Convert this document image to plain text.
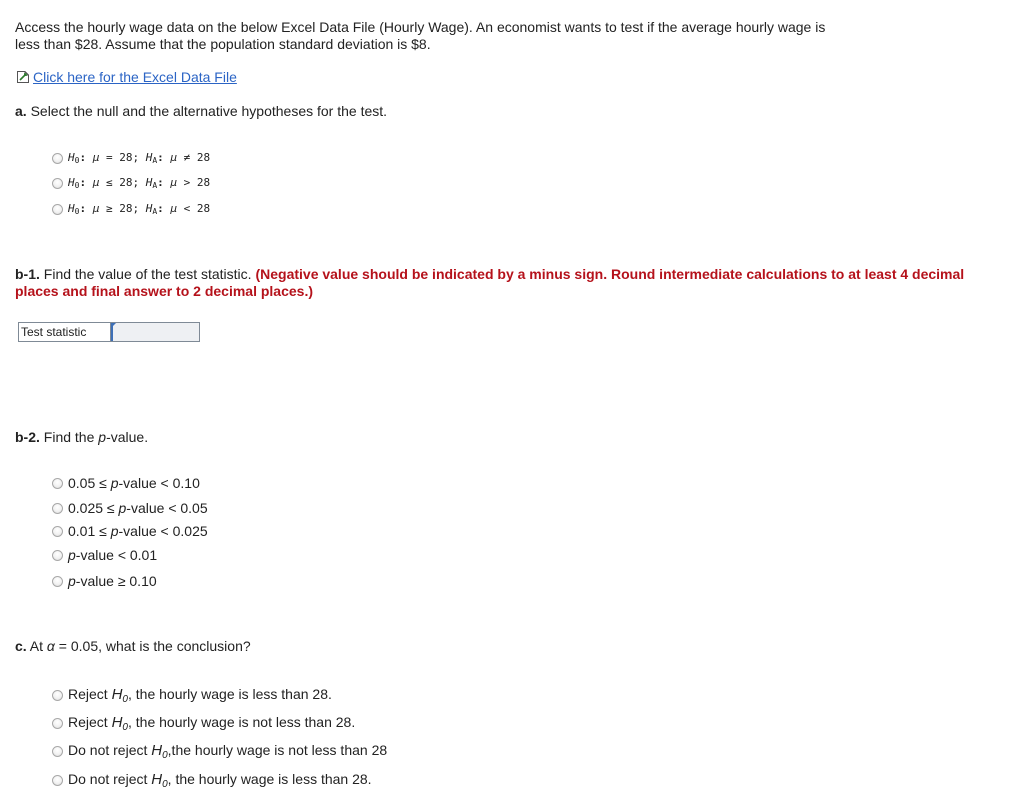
Access the hourly wage data on the below Excel Data File (Hourly Wage). An economist wants to test if the average hourly wage is
less than $28. Assume that the population standard deviation is $8.
Click here for the Excel Data File
a. Select the null and the alternative hypotheses for the test.
$H_0$: μ = 28; $H_A$: μ ≠ 28
$H_0$: μ ≤ 28; $H_A$: μ > 28
$H_0$: μ ≥ 28; $H_A$: μ < 28
b-1. Find the value of the test statistic. (Negative value should be indicated by a minus sign. Round intermediate calculations to at least 4 decimal places and final answer to 2 decimal places.)
Test statistic
b-2. Find the p-value.
0.05 ≤ p-value < 0.10
0.025 ≤ p-value < 0.05
0.01 ≤ p-value < 0.025
p-value < 0.01
p-value ≥ 0.10
c. At α = 0.05, what is the conclusion?
Reject $H_0$, the hourly wage is less than 28.
Reject $H_0$, the hourly wage is not less than 28.
Do not reject $H_0,the$ hourly wage is not less than 28
Do not reject $H_0$, the hourly wage is less than 28.
